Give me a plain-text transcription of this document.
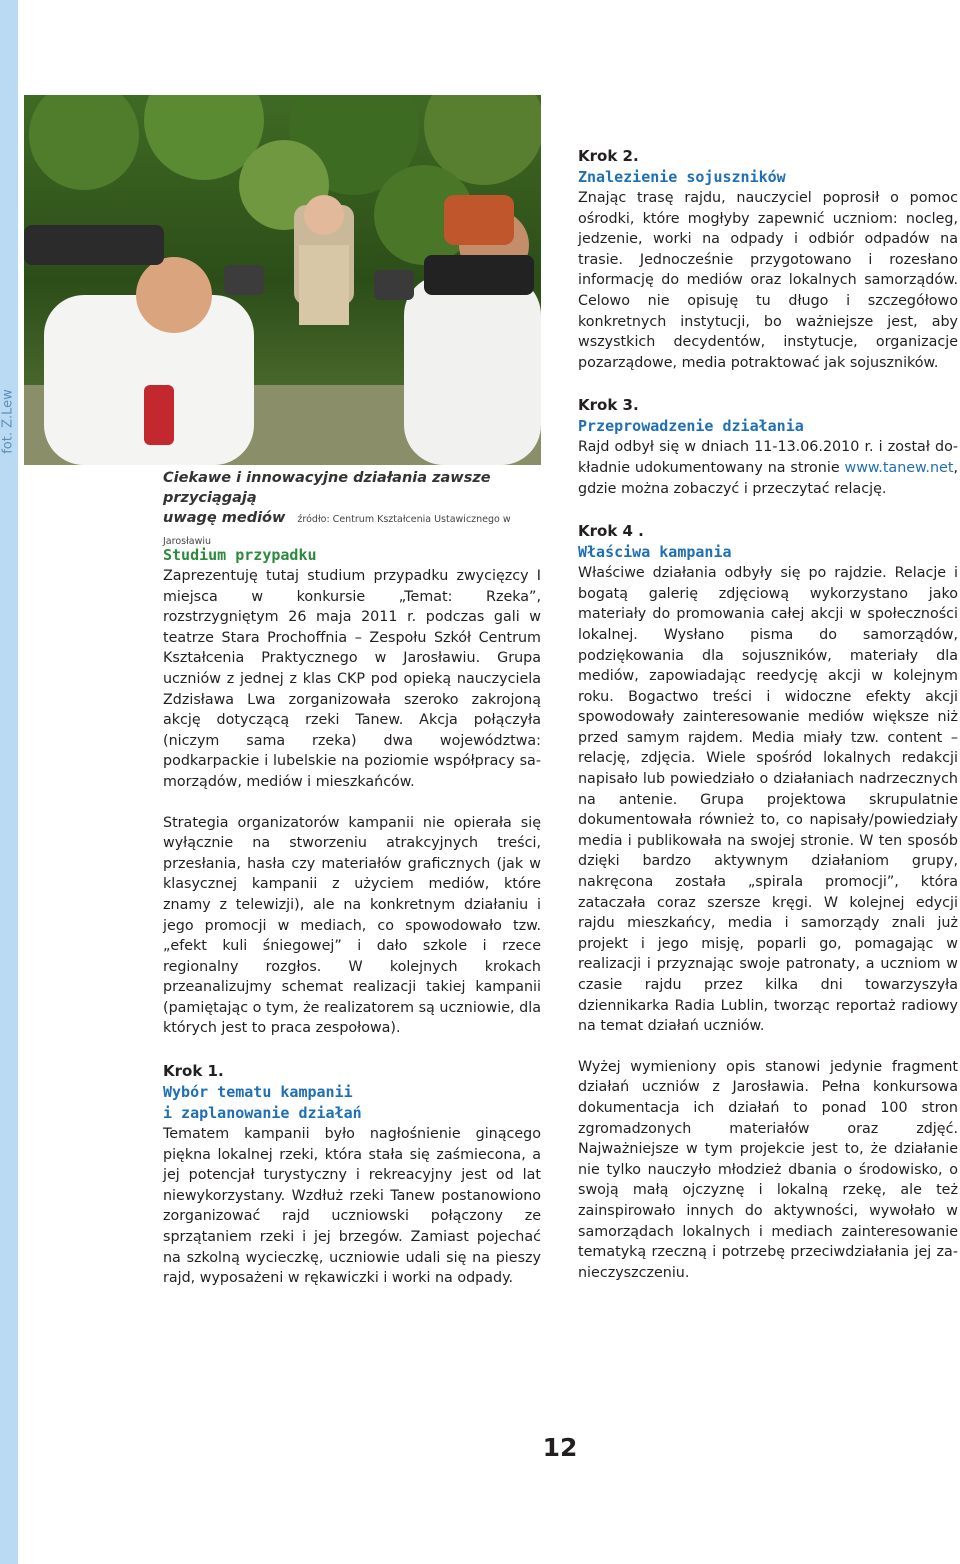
fot. Z.Lew
Ciekawe i innowacyjne działania zawsze przyciągają
uwagę mediów źródło: Centrum Kształcenia Ustawicznego w Jarosławiu
Studium przypadku

Zaprezentuję tutaj studium przypadku zwycięzcy I miejsca w konkursie „Temat: Rzeka”, rozstrzygniętym 26 maja 2011 r. podczas gali w teatrze Stara Prochoffnia – Zespołu Szkół Centrum Kształcenia Praktycznego w Jarosławiu. Grupa uczniów z jednej z klas CKP pod opieką nauczyciela Zdzisława Lwa zorganizowała szeroko zakrojoną akcję dotyczącą rzeki Tanew. Akcja połączyła (niczym sama rzeka) dwa województwa: podkarpackie i lubelskie na poziomie współpracy samorządów, mediów i mieszkańców.

Strategia organizatorów kampanii nie opierała się wyłącznie na stworzeniu atrakcyjnych treści, przesłania, hasła czy materiałów graficznych (jak w klasycznej kampanii z użyciem mediów, które znamy z telewizji), ale na konkretnym działaniu i jego promocji w mediach, co spowodowało tzw. „efekt kuli śniegowej” i dało szkole i rzece regionalny rozgłos. W kolejnych krokach przeanalizujmy schemat realizacji takiej kampanii (pamiętając o tym, że realizatorem są uczniowie, dla których jest to praca zespołowa).

Krok 1.
Wybór tematu kampanii
i zaplanowanie działań

Tematem kampanii było nagłośnienie ginącego piękna lokalnej rzeki, która stała się zaśmiecona, a jej potencjał turystyczny i rekreacyjny jest od lat niewykorzystany. Wzdłuż rzeki Tanew postanowiono zorganizować rajd uczniowski połączony ze sprzątaniem rzeki i jej brzegów. Zamiast pojechać na szkolną wycieczkę, uczniowie udali się na pieszy rajd, wyposażeni w rękawiczki i worki na odpady.

Krok 2.
Znalezienie sojuszników

Znając trasę rajdu, nauczyciel poprosił o pomoc ośrodki, które mogłyby zapewnić uczniom: nocleg, jedzenie, worki na odpady i odbiór odpadów na trasie. Jednocześnie przygotowano i rozesłano informację do mediów oraz lokalnych samorządów. Celowo nie opisuję tu długo i szczegółowo konkretnych instytucji, bo ważniejsze jest, aby wszystkich decydentów, instytucje, organizacje pozarządowe, media potraktować jak sojuszników.

Krok 3.
Przeprowadzenie działania

Rajd odbył się w dniach 11-13.06.2010 r. i został dokładnie udokumentowany na stronie www.tanew.net, gdzie można zobaczyć i przeczytać relację.

Krok 4 .
Właściwa kampania

Właściwe działania odbyły się po rajdzie. Relacje i bogatą galerię zdjęciową wykorzystano jako materiały do promowania całej akcji w społeczności lokalnej. Wysłano pisma do samorządów, podziękowania dla sojuszników, materiały dla mediów, zapowiadając reedycję akcji w kolejnym roku. Bogactwo treści i widoczne efekty akcji spowodowały zainteresowanie mediów większe niż przed samym rajdem. Media miały tzw. content – relację, zdjęcia. Wiele spośród lokalnych redakcji napisało lub powiedziało o działaniach nadrzecznych na antenie. Grupa projektowa skrupulatnie dokumentowała również to, co napisały/powiedziały media i publikowała na swojej stronie. W ten sposób dzięki bardzo aktywnym działaniom grupy, nakręcona została „spirala promocji”, która zataczała coraz szersze kręgi. W kolejnej edycji rajdu mieszkańcy, media i samorządy znali już projekt i jego misję, poparli go, pomagając w realizacji i przyznając swoje patronaty, a uczniom w czasie rajdu przez kilka dni towarzyszyła dziennikarka Radia Lublin, tworząc reportaż radiowy na temat działań uczniów.

Wyżej wymieniony opis stanowi jedynie fragment działań uczniów z Jarosławia. Pełna konkursowa dokumentacja ich działań to ponad 100 stron zgromadzonych materiałów oraz zdjęć. Najważniejsze w tym projekcie jest to, że działanie nie tylko nauczyło młodzież dbania o środowisko, o swoją małą ojczyznę i lokalną rzekę, ale też zainspirowało innych do aktywności, wywołało w samorządach lokalnych i mediach zainteresowanie tematyką rzeczną i potrzebę przeciwdziałania jej zanieczyszczeniu.

12
